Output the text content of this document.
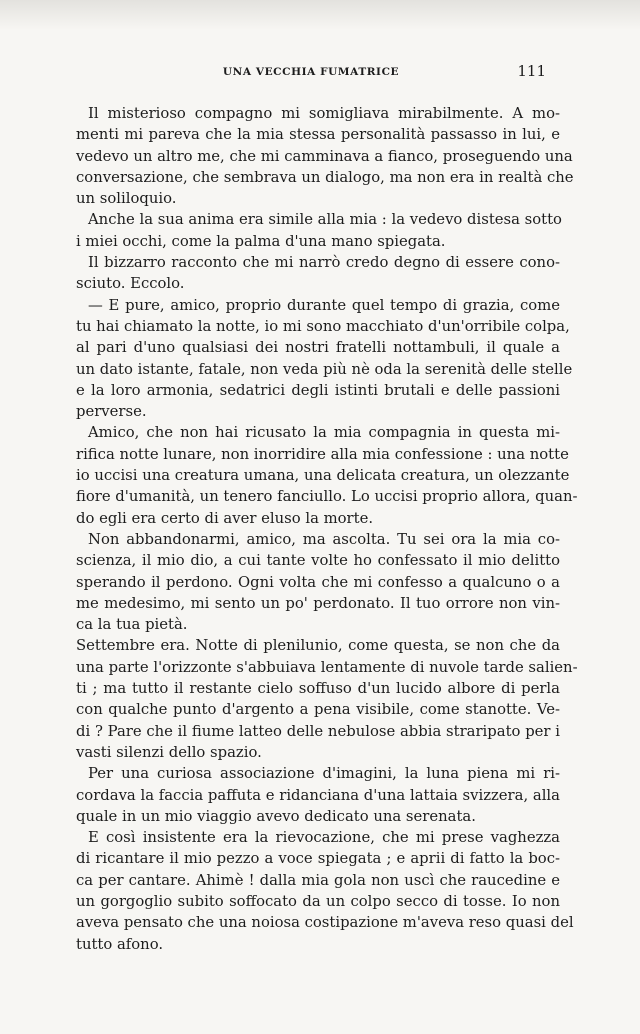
UNA VECCHIA FUMATRICE	111
Il misterioso compagno mi somigliava mirabilmente. A mo-
menti mi pareva che la mia stessa personalità passasso in lui, e
vedevo un altro me, che mi camminava a fianco, proseguendo una
conversazione, che sembrava un dialogo, ma non era in realtà che
un soliloquio.
Anche la sua anima era simile alla mia : la vedevo distesa sotto
i miei occhi, come la palma d'una mano spiegata.
Il bizzarro racconto che mi narrò credo degno di essere cono-
sciuto. Eccolo.
— E pure, amico, proprio durante quel tempo di grazia, come
tu hai chiamato la notte, io mi sono macchiato d'un'orribile colpa,
al pari d'uno qualsiasi dei nostri fratelli nottambuli, il quale a
un dato istante, fatale, non veda più nè oda la serenità delle stelle
e la loro armonia, sedatrici degli istinti brutali e delle passioni
perverse.
Amico, che non hai ricusato la mia compagnia in questa mi-
rifica notte lunare, non inorridire alla mia confessione : una notte
io uccisi una creatura umana, una delicata creatura, un olezzante
fiore d'umanità, un tenero fanciullo. Lo uccisi proprio allora, quan-
do egli era certo di aver eluso la morte.
Non abbandonarmi, amico, ma ascolta. Tu sei ora la mia co-
scienza, il mio dio, a cui tante volte ho confessato il mio delitto
sperando il perdono. Ogni volta che mi confesso a qualcuno o a
me medesimo, mi sento un po' perdonato. Il tuo orrore non vin-
ca la tua pietà.
Settembre era. Notte di plenilunio, come questa, se non che da
una parte l'orizzonte s'abbuiava lentamente di nuvole tarde salien-
ti ; ma tutto il restante cielo soffuso d'un lucido albore di perla
con qualche punto d'argento a pena visibile, come stanotte. Ve-
di ? Pare che il fiume latteo delle nebulose abbia straripato per i
vasti silenzi dello spazio.
Per una curiosa associazione d'imagini, la luna piena mi ri-
cordava la faccia paffuta e ridanciana d'una lattaia svizzera, alla
quale in un mio viaggio avevo dedicato una serenata.
E così insistente era la rievocazione, che mi prese vaghezza
di ricantare il mio pezzo a voce spiegata ; e aprii di fatto la boc-
ca per cantare. Ahimè ! dalla mia gola non uscì che raucedine e
un gorgoglio subito soffocato da un colpo secco di tosse. Io non
aveva pensato che una noiosa costipazione m'aveva reso quasi del
tutto afono.
